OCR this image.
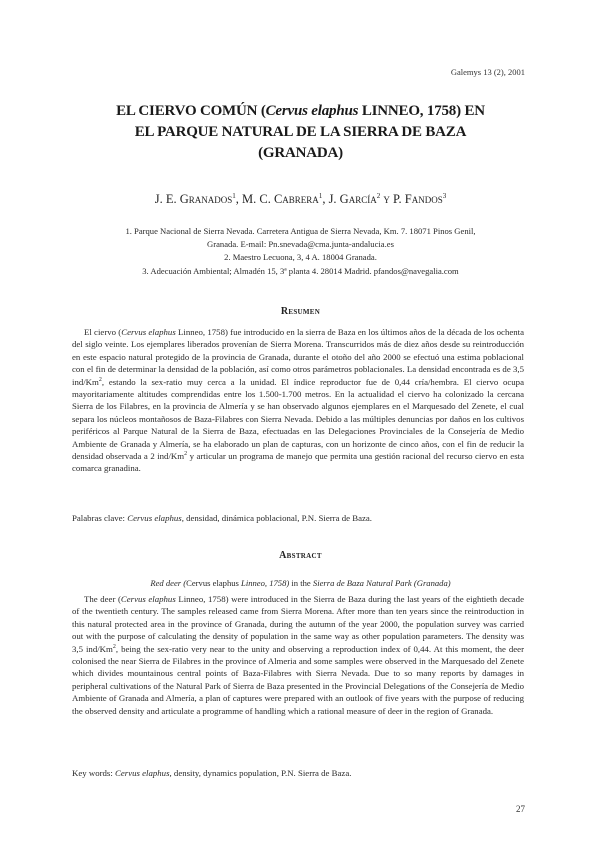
Galemys 13 (2), 2001
EL CIERVO COMÚN (Cervus elaphus LINNEO, 1758) EN
EL PARQUE NATURAL DE LA SIERRA DE BAZA
(GRANADA)
J. E. Granados$^1$, M. C. Cabrera$^1$, J. García$^2$ y P. Fandos$^3$
1. Parque Nacional de Sierra Nevada. Carretera Antigua de Sierra Nevada, Km. 7. 18071 Pinos Genil,
Granada. E-mail: Pn.snevada@cma.junta-andalucia.es
2. Maestro Lecuona, 3, 4 A. 18004 Granada.
3. Adecuación Ambiental; Almadén 15, 3ª planta 4. 28014 Madrid. pfandos@navegalia.com
Resumen

El ciervo (Cervus elaphus Linneo, 1758) fue introducido en la sierra de Baza en los últimos años de la década de los ochenta del siglo veinte. Los ejemplares liberados provenían de Sierra Morena. Transcurridos más de diez años desde su reintroducción en este espacio natural protegido de la provincia de Granada, durante el otoño del año 2000 se efectuó una estima poblacional con el fin de determinar la densidad de la población, así como otros parámetros poblacionales. La densidad encontrada es de 3,5 ind/Km$^2$, estando la sex-ratio muy cerca a la unidad. El índice reproductor fue de 0,44 cría/hembra. El ciervo ocupa mayoritariamente altitudes comprendidas entre los 1.500-1.700 metros. En la actualidad el ciervo ha colonizado la cercana Sierra de los Filabres, en la provincia de Almería y se han observado algunos ejemplares en el Marquesado del Zenete, el cual separa los núcleos montañosos de Baza-Filabres con Sierra Nevada. Debido a las múltiples denuncias por daños en los cultivos periféricos al Parque Natural de la Sierra de Baza, efectuadas en las Delegaciones Provinciales de la Consejería de Medio Ambiente de Granada y Almería, se ha elaborado un plan de capturas, con un horizonte de cinco años, con el fin de reducir la densidad observada a 2 ind/Km$^2$ y articular un programa de manejo que permita una gestión racional del recurso ciervo en esta comarca granadina.

Palabras clave: Cervus elaphus, densidad, dinámica poblacional, P.N. Sierra de Baza.
Abstract
Red deer (Cervus elaphus Linneo, 1758) in the Sierra de Baza Natural Park (Granada)

The deer (Cervus elaphus Linneo, 1758) were introduced in the Sierra de Baza during the last years of the eightieth decade of the twentieth century. The samples released came from Sierra Morena. After more than ten years since the reintroduction in this natural protected area in the province of Granada, during the autumn of the year 2000, the population survey was carried out with the purpose of calculating the density of population in the same way as other population parameters. The density was 3,5 ind/Km$^2$, being the sex-ratio very near to the unity and observing a reproduction index of 0,44. At this moment, the deer colonised the near Sierra de Filabres in the province of Almeria and some samples were observed in the Marquesado del Zenete which divides mountainous central points of Baza-Filabres with Sierra Nevada. Due to so many reports by damages in peripheral cultivations of the Natural Park of Sierra de Baza presented in the Provincial Delegations of the Consejería de Medio Ambiente of Granada and Almería, a plan of captures were prepared with an outlook of five years with the purpose of reducing the observed density and articulate a programme of handling which a rational measure of deer in the region of Granada.

Key words: Cervus elaphus, density, dynamics population, P.N. Sierra de Baza.
27
